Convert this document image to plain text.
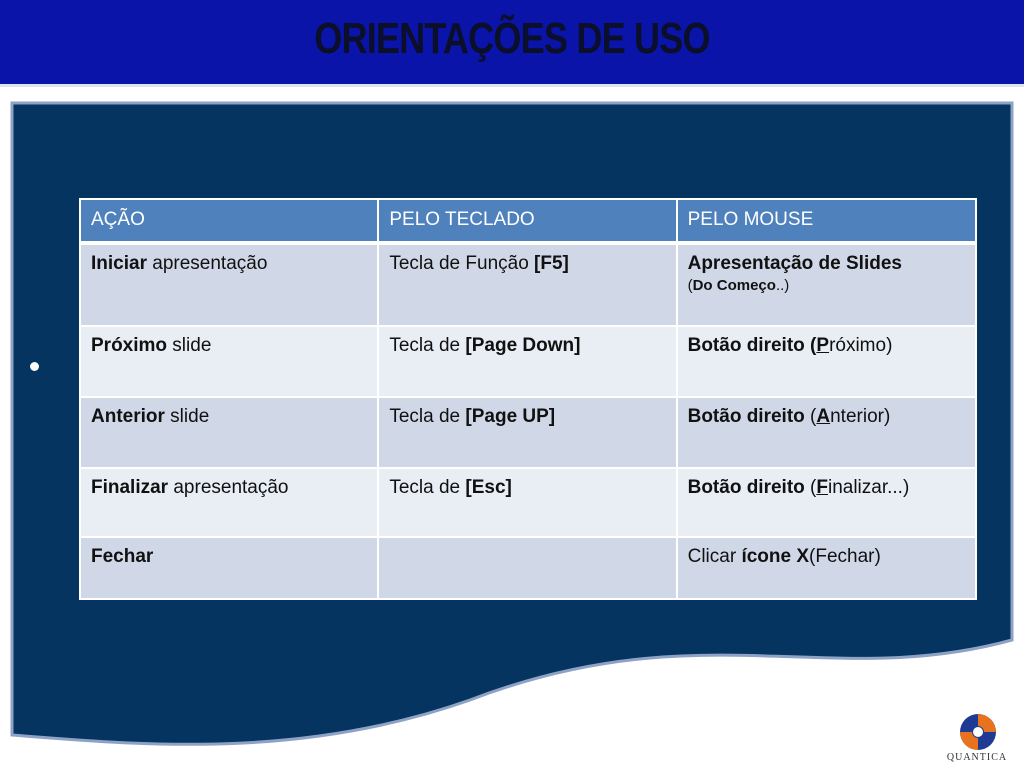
ORIENTAÇÕES DE USO
AÇÃO	PELO TECLADO	PELO MOUSE
Iniciar apresentação	Tecla de Função [F5]	Apresentação de Slides
(Do Começo..)

Próximo slide	Tecla de [Page Down]	Botão direito (Próximo)
Anterior slide	Tecla de [Page UP]	Botão direito (Anterior)
Finalizar apresentação	Tecla de [Esc]	Botão direito (Finalizar...)
Fechar		Clicar ícone X(Fechar)
QUANTICA
